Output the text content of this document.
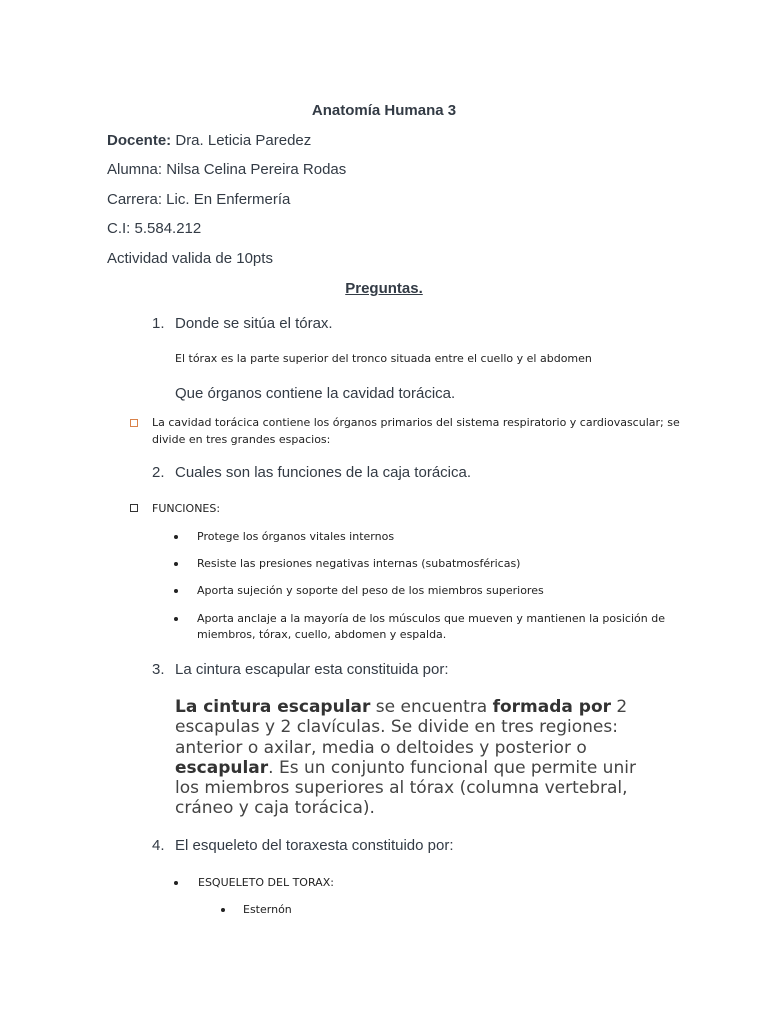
Anatomía Humana 3
Docente: Dra. Leticia Paredez
Alumna: Nilsa Celina Pereira Rodas
Carrera: Lic. En Enfermería
C.I: 5.584.212
Actividad valida de 10pts
Preguntas.
1. Donde se sitúa el tórax.
El tórax es la parte superior del tronco situada entre el cuello y el abdomen
Que órganos contiene la cavidad torácica.
La cavidad torácica contiene los órganos primarios del sistema respiratorio y cardiovascular; se
divide en tres grandes espacios:
2. Cuales son las funciones de la caja torácica.
FUNCIONES:
Protege los órganos vitales internos
Resiste las presiones negativas internas (subatmosféricas)
Aporta sujeción y soporte del peso de los miembros superiores
Aporta anclaje a la mayoría de los músculos que mueven y mantienen la posición de
miembros, tórax, cuello, abdomen y espalda.
3. La cintura escapular esta constituida por:
La cintura escapular se encuentra formada por 2 escapulas y 2 clavículas. Se divide en tres regiones: anterior o axilar, media o deltoides y posterior o escapular. Es un conjunto funcional que permite unir los miembros superiores al tórax (columna vertebral, cráneo y caja torácica).
4. El esqueleto del toraxesta constituido por:
ESQUELETO DEL TORAX:
Esternón
